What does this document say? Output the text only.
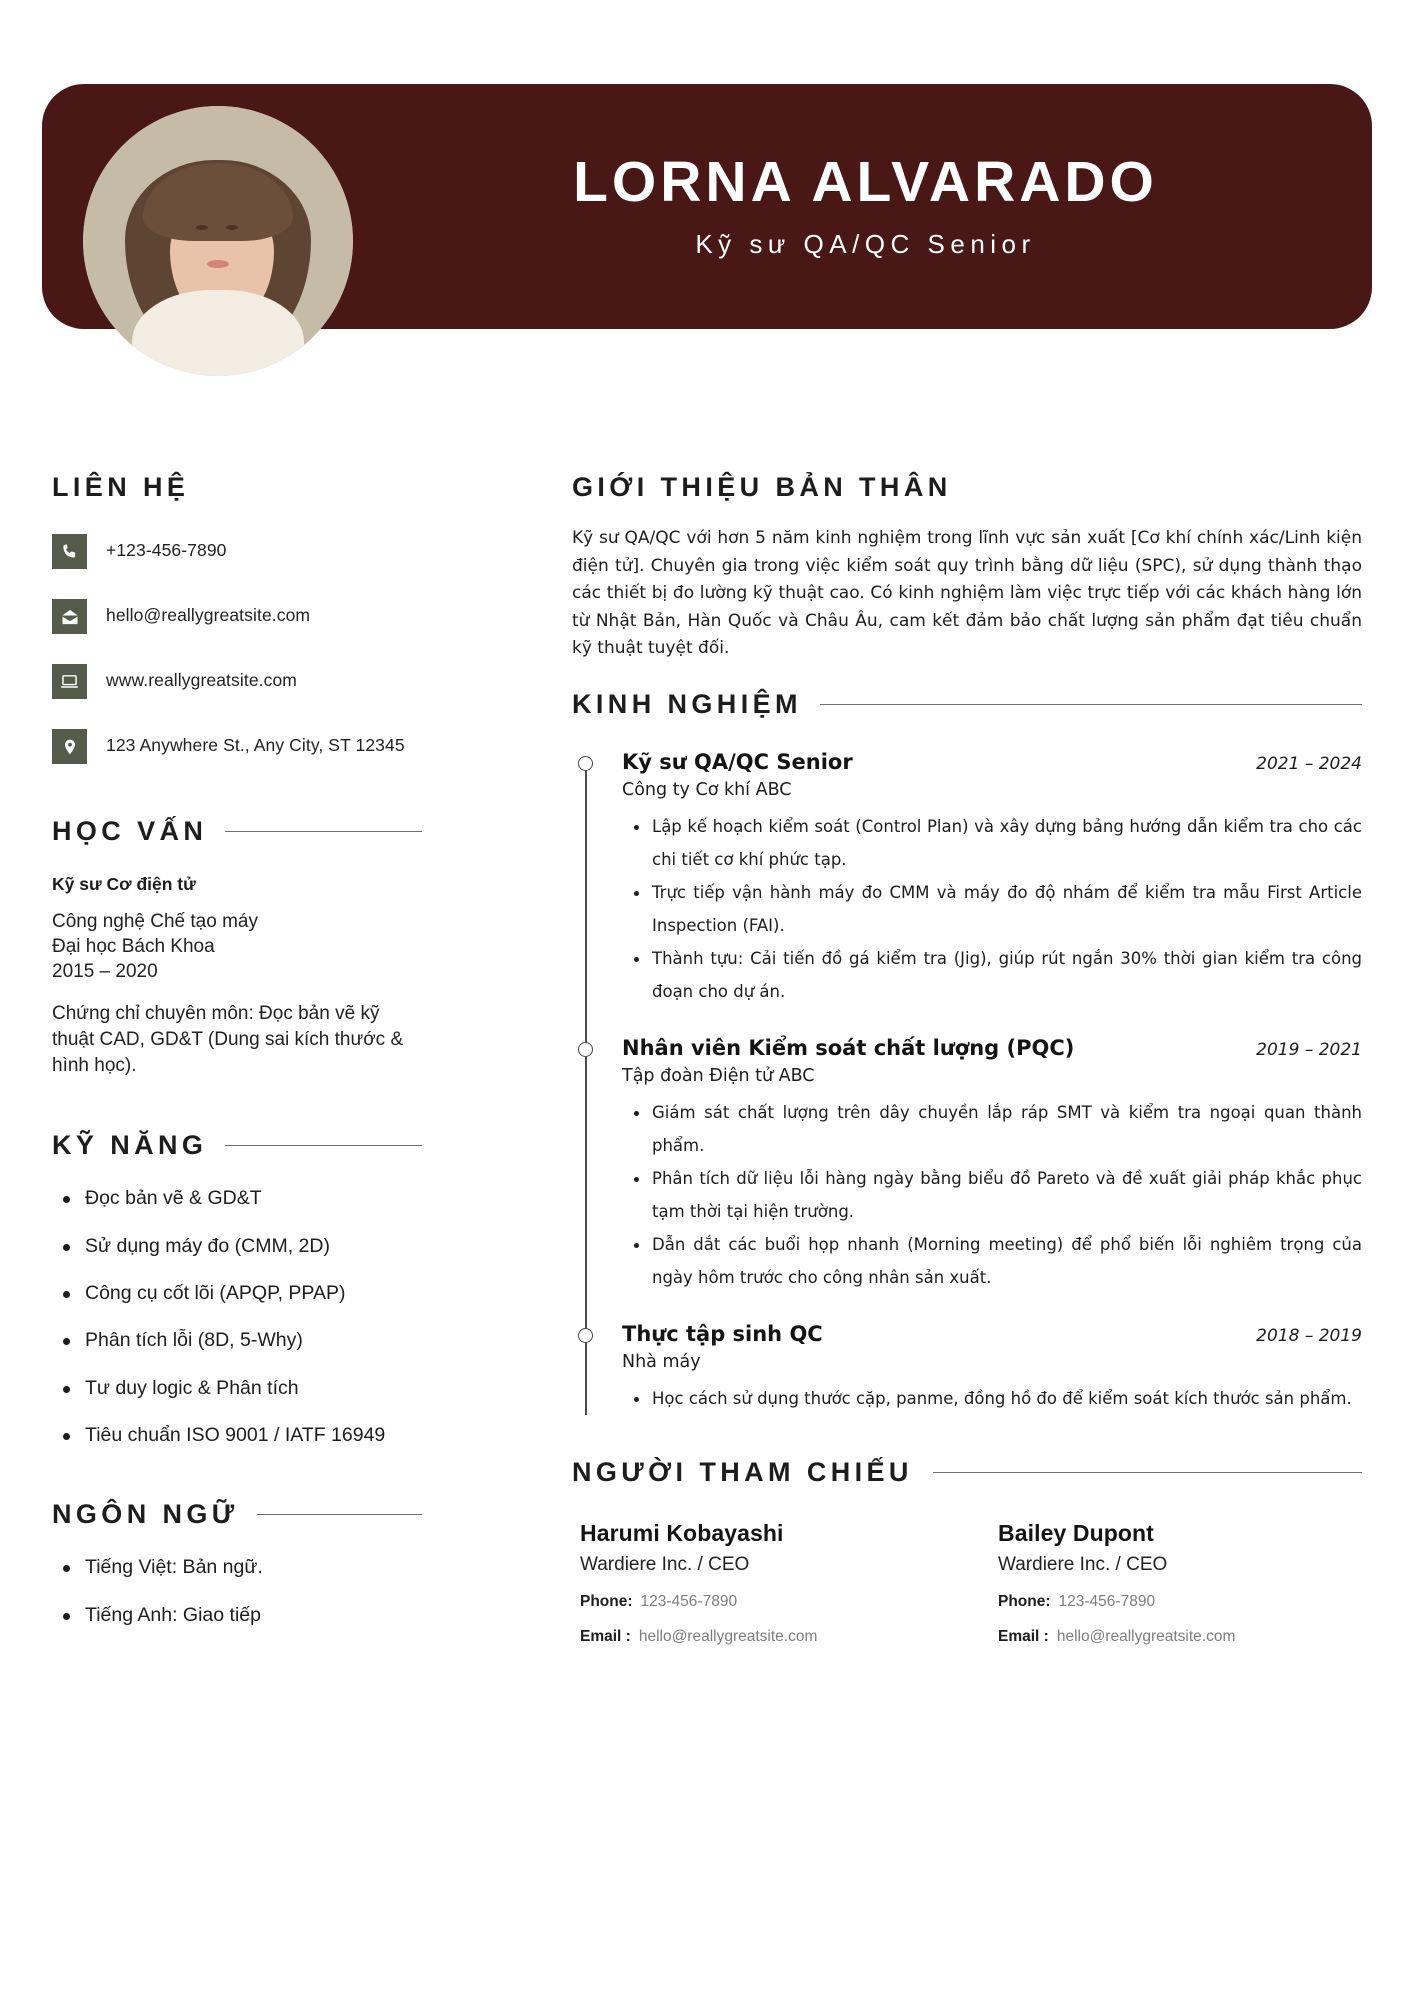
LORNA ALVARADO
Kỹ sư QA/QC Senior
LIÊN HỆ
+123-456-7890
hello@reallygreatsite.com
www.reallygreatsite.com
123 Anywhere St., Any City, ST 12345
HỌC VẤN
Kỹ sư Cơ điện tử
Công nghệ Chế tạo máy
Đại học Bách Khoa
2015 – 2020
Chứng chỉ chuyên môn: Đọc bản vẽ kỹ thuật CAD, GD&T (Dung sai kích thước & hình học).
KỸ NĂNG
Đọc bản vẽ & GD&T
Sử dụng máy đo (CMM, 2D)
Công cụ cốt lõi (APQP, PPAP)
Phân tích lỗi (8D, 5-Why)
Tư duy logic & Phân tích
Tiêu chuẩn ISO 9001 / IATF 16949
NGÔN NGỮ
Tiếng Việt: Bản ngữ.
Tiếng Anh: Giao tiếp
GIỚI THIỆU BẢN THÂN
Kỹ sư QA/QC với hơn 5 năm kinh nghiệm trong lĩnh vực sản xuất [Cơ khí chính xác/Linh kiện điện tử]. Chuyên gia trong việc kiểm soát quy trình bằng dữ liệu (SPC), sử dụng thành thạo các thiết bị đo lường kỹ thuật cao. Có kinh nghiệm làm việc trực tiếp với các khách hàng lớn từ Nhật Bản, Hàn Quốc và Châu Âu, cam kết đảm bảo chất lượng sản phẩm đạt tiêu chuẩn kỹ thuật tuyệt đối.
KINH NGHIỆM
Kỹ sư QA/QC Senior	2021 – 2024
Công ty Cơ khí ABC
Lập kế hoạch kiểm soát (Control Plan) và xây dựng bảng hướng dẫn kiểm tra cho các chi tiết cơ khí phức tạp.
Trực tiếp vận hành máy đo CMM và máy đo độ nhám để kiểm tra mẫu First Article Inspection (FAI).
Thành tựu: Cải tiến đồ gá kiểm tra (Jig), giúp rút ngắn 30% thời gian kiểm tra công đoạn cho dự án.
Nhân viên Kiểm soát chất lượng (PQC)	2019 – 2021
Tập đoàn Điện tử ABC
Giám sát chất lượng trên dây chuyền lắp ráp SMT và kiểm tra ngoại quan thành phẩm.
Phân tích dữ liệu lỗi hàng ngày bằng biểu đồ Pareto và đề xuất giải pháp khắc phục tạm thời tại hiện trường.
Dẫn dắt các buổi họp nhanh (Morning meeting) để phổ biến lỗi nghiêm trọng của ngày hôm trước cho công nhân sản xuất.
Thực tập sinh QC	2018 – 2019
Nhà máy
Học cách sử dụng thước cặp, panme, đồng hồ đo để kiểm soát kích thước sản phẩm.
NGƯỜI THAM CHIẾU
Harumi Kobayashi
Wardiere Inc. / CEO
Phone: 123-456-7890
Email : hello@reallygreatsite.com
Bailey Dupont
Wardiere Inc. / CEO
Phone: 123-456-7890
Email : hello@reallygreatsite.com
